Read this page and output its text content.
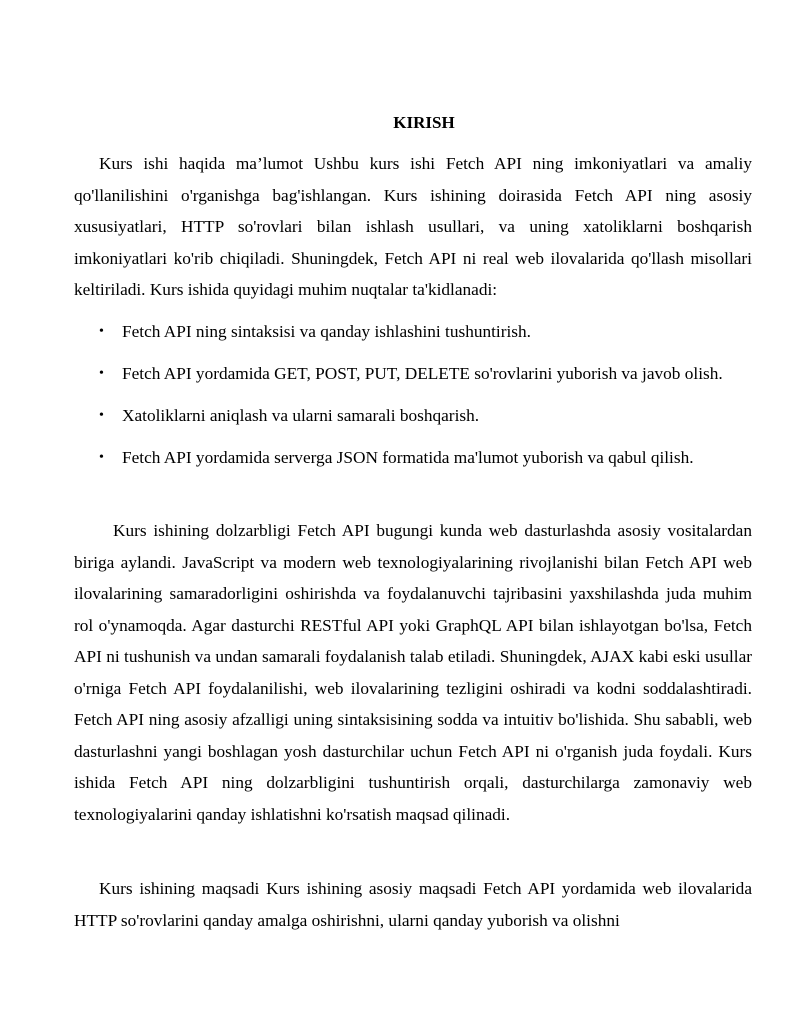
KIRISH

Kurs ishi haqida ma’lumot Ushbu kurs ishi Fetch API ning imkoniyatlari va amaliy qo'llanilishini o'rganishga bag'ishlangan. Kurs ishining doirasida Fetch API ning asosiy xususiyatlari, HTTP so'rovlari bilan ishlash usullari, va uning xatoliklarni boshqarish imkoniyatlari ko'rib chiqiladi. Shuningdek, Fetch API ni real web ilovalarida qo'llash misollari keltiriladi. Kurs ishida quyidagi muhim nuqtalar ta'kidlanadi:

• Fetch API ning sintaksisi va qanday ishlashini tushuntirish.
• Fetch API yordamida GET, POST, PUT, DELETE so'rovlarini yuborish va javob olish.
• Xatoliklarni aniqlash va ularni samarali boshqarish.
• Fetch API yordamida serverga JSON formatida ma'lumot yuborish va qabul qilish.

Kurs ishining dolzarbligi Fetch API bugungi kunda web dasturlashda asosiy vositalardan biriga aylandi. JavaScript va modern web texnologiyalarining rivojlanishi bilan Fetch API web ilovalarining samaradorligini oshirishda va foydalanuvchi tajribasini yaxshilashda juda muhim rol o'ynamoqda. Agar dasturchi RESTful API yoki GraphQL API bilan ishlayotgan bo'lsa, Fetch API ni tushunish va undan samarali foydalanish talab etiladi. Shuningdek, AJAX kabi eski usullar o'rniga Fetch API foydalanilishi, web ilovalarining tezligini oshiradi va kodni soddalashtiradi. Fetch API ning asosiy afzalligi uning sintaksisining sodda va intuitiv bo'lishida. Shu sababli, web dasturlashni yangi boshlagan yosh dasturchilar uchun Fetch API ni o'rganish juda foydali. Kurs ishida Fetch API ning dolzarbligini tushuntirish orqali, dasturchilarga zamonaviy web texnologiyalarini qanday ishlatishni ko'rsatish maqsad qilinadi.

Kurs ishining maqsadi Kurs ishining asosiy maqsadi Fetch API yordamida web ilovalarida HTTP so'rovlarini qanday amalga oshirishni, ularni qanday yuborish va olishni
